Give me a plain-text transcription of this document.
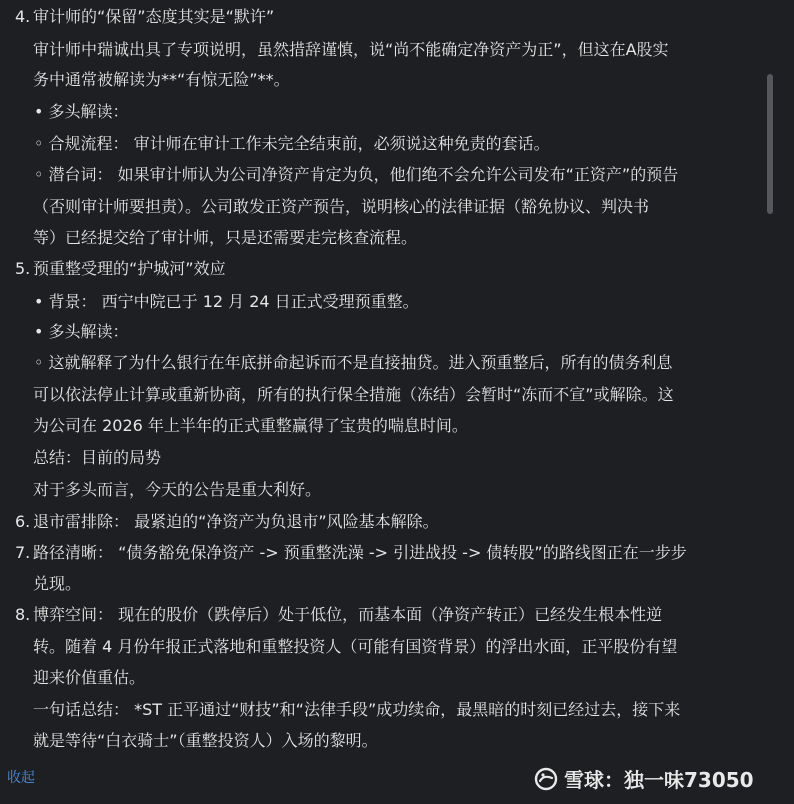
4. 审计师的“保留”态度其实是“默许”
审计师中瑞诚出具了专项说明，虽然措辞谨慎，说“尚不能确定净资产为正”，但这在A股实
务中通常被解读为**“有惊无险”**。
• 多头解读：
◦ 合规流程： 审计师在审计工作未完全结束前，必须说这种免责的套话。
◦ 潜台词： 如果审计师认为公司净资产肯定为负，他们绝不会允许公司发布“正资产”的预告
（否则审计师要担责）。公司敢发正资产预告，说明核心的法律证据（豁免协议、判决书
等）已经提交给了审计师，只是还需要走完核查流程。
5. 预重整受理的“护城河”效应
• 背景： 西宁中院已于 12 月 24 日正式受理预重整。
• 多头解读：
◦ 这就解释了为什么银行在年底拼命起诉而不是直接抽贷。进入预重整后，所有的债务利息
可以依法停止计算或重新协商，所有的执行保全措施（冻结）会暂时“冻而不宣”或解除。这
为公司在 2026 年上半年的正式重整赢得了宝贵的喘息时间。
总结：目前的局势
对于多头而言，今天的公告是重大利好。
6. 退市雷排除： 最紧迫的“净资产为负退市”风险基本解除。
7. 路径清晰： “债务豁免保净资产 -> 预重整洗澡 -> 引进战投 -> 债转股”的路线图正在一步步
兑现。
8. 博弈空间： 现在的股价（跌停后）处于低位，而基本面（净资产转正）已经发生根本性逆
转。随着 4 月份年报正式落地和重整投资人（可能有国资背景）的浮出水面，正平股份有望
迎来价值重估。
一句话总结： *ST 正平通过“财技”和“法律手段”成功续命，最黑暗的时刻已经过去，接下来
就是等待“白衣骑士”（重整投资人）入场的黎明。
收起	雪球：独一味73050
